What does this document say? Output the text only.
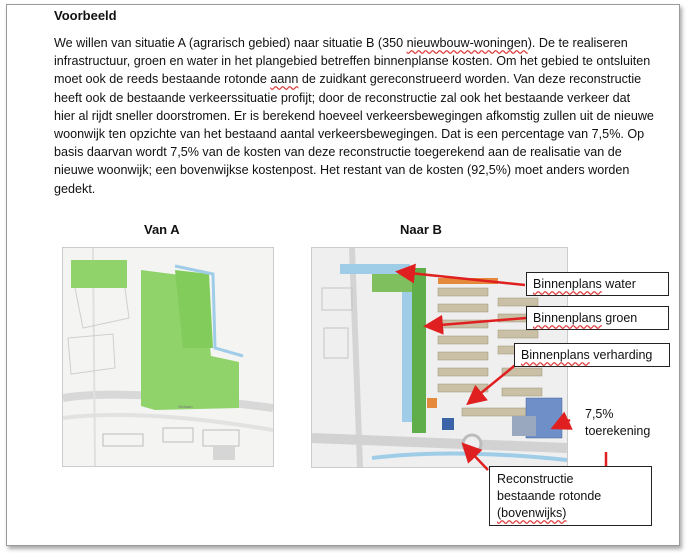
Voorbeeld

We willen van situatie A (agrarisch gebied) naar situatie B (350 nieuwbouw-woningen). De te realiseren infrastructuur, groen en water in het plangebied betreffen binnenplanse kosten. Om het gebied te ontsluiten moet ook de reeds bestaande rotonde aann de zuidkant gereconstrueerd worden. Van deze reconstructie heeft ook de bestaande verkeerssituatie profijt; door de reconstructie zal ook het bestaande verkeer dat hier al rijdt sneller doorstromen. Er is berekend hoeveel verkeersbewegingen afkomstig zullen uit de nieuwe woonwijk ten opzichte van het bestaand aantal verkeersbewegingen. Dat is een percentage van 7,5%. Op basis daarvan wordt 7,5% van de kosten van deze reconstructie toegerekend aan de realisatie van de nieuwe woonwijk; een bovenwijkse kostenpost. Het restant van de kosten (92,5%) moet anders worden gedekt.

Van A	Naar B
Slotlaan
Binnenplans water
Binnenplans groen
Binnenplans verharding
7,5%
toerekening
Reconstructie
bestaande rotonde
(bovenwijks)
